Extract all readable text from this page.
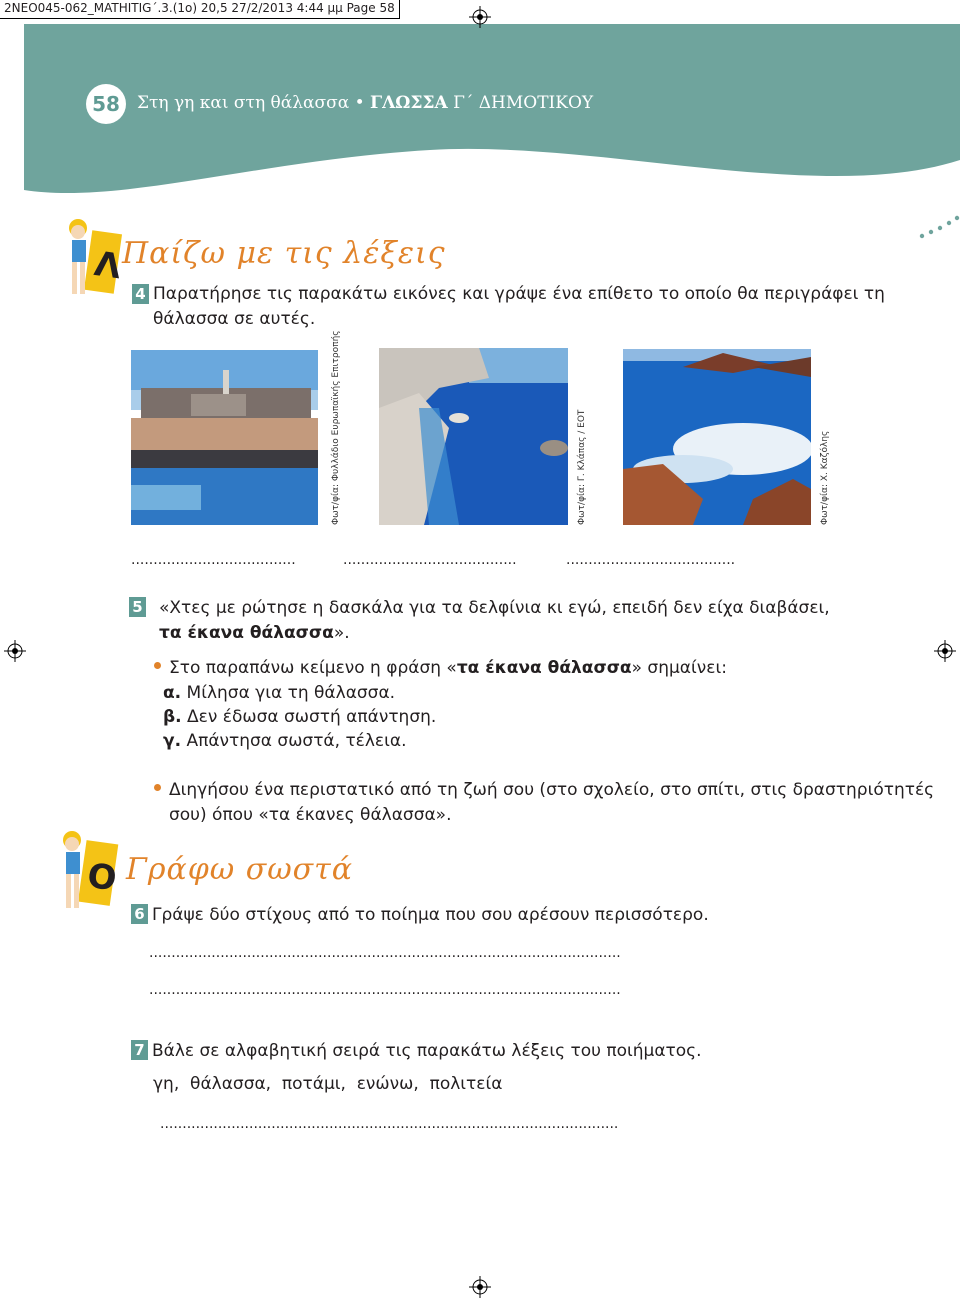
2NEO045-062_MATHITIG΄.3.(1o) 20,5 27/2/2013 4:44 μμ Page 58
58	Στη γη και στη θάλασσα • ΓΛΩΣΣΑ Γ΄ ΔΗΜΟΤΙΚΟΥ
Λ
Παίζω με τις λέξεις
4 Παρατήρησε τις παρακάτω εικόνες και γράψε ένα επίθετο το οποίο θα περιγράφει τη
θάλασσα σε αυτές.
Φωτ/φία: Φυλλάδιο Ευρωπαϊκής Επιτροπής	Φωτ/φία: Γ. Κλάπας / ΕΟΤ	Φωτ/φία: Χ. Καζόλης
.....................................	.......................................	......................................
5 «Χτες με ρώτησε η δασκάλα για τα δελφίνια κι εγώ, επειδή δεν είχα διαβάσει,
τα έκανα θάλασσα».
Στο παραπάνω κείμενο η φράση «τα έκανα θάλασσα» σημαίνει:
α. Μίλησα για τη θάλασσα.
β. Δεν έδωσα σωστή απάντηση.
γ. Απάντησα σωστά, τέλεια.
Διηγήσου ένα περιστατικό από τη ζωή σου (στο σχολείο, στο σπίτι, στις δραστηριότητές
σου) όπου «τα έκανες θάλασσα».
Ο Γράφω σωστά
6 Γράψε δύο στίχους από το ποίημα που σου αρέσουν περισσότερο.
..........................................................................................................
..........................................................................................................
7 Βάλε σε αλφαβητική σειρά τις παρακάτω λέξεις του ποιήματος.
γη,  θάλασσα,  ποτάμι,  ενώνω,  πολιτεία
.......................................................................................................
